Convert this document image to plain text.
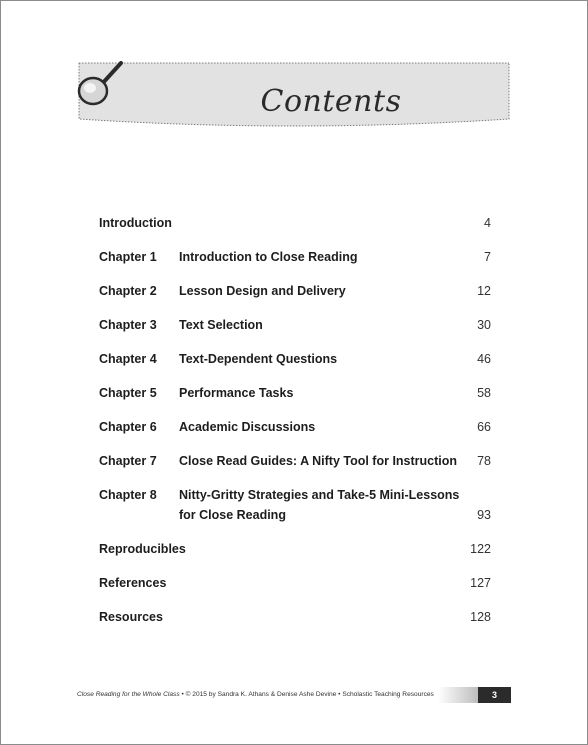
Contents
Introduction	4
Chapter 1 Introduction to Close Reading	7
Chapter 2 Lesson Design and Delivery	12
Chapter 3 Text Selection	30
Chapter 4 Text-Dependent Questions	46
Chapter 5 Performance Tasks	58
Chapter 6 Academic Discussions	66
Chapter 7 Close Read Guides: A Nifty Tool for Instruction 78
Chapter 8 Nitty-Gritty Strategies and Take-5 Mini-Lessons
for Close Reading	93
Reproducibles	122
References	127
Resources	128
Close Reading for the Whole Class • © 2015 by Sandra K. Athans & Denise Ashe Devine • Scholastic Teaching Resources	3
